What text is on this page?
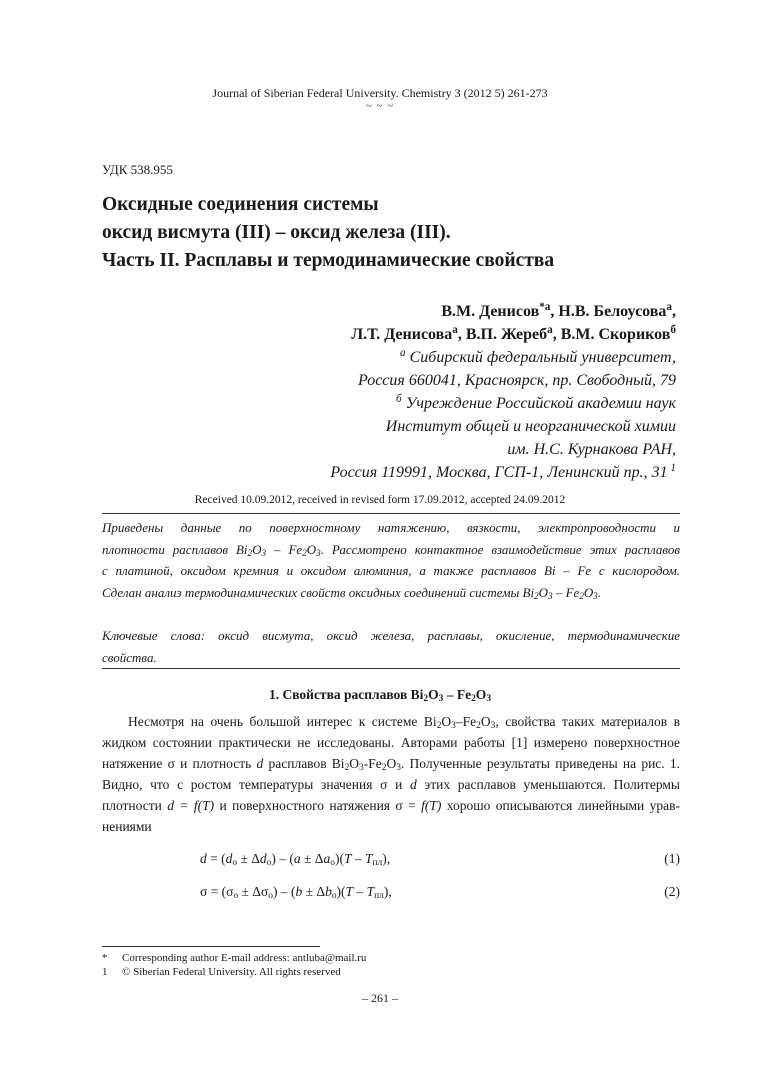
Journal of Siberian Federal University. Chemistry 3 (2012 5) 261-273
~ ~ ~
УДК 538.955
Оксидные соединения системы
оксид висмута (III) – оксид железа (III).
Часть II. Расплавы и термодинамические свойства
В.М. Денисов$^{*а}$, Н.В. Белоусова$^а$,
Л.Т. Денисова$^а$, В.П. Жереб$^а$, В.М. Скориков$^б$
$^а$ Сибирский федеральный университет,
Россия 660041, Красноярск, пр. Свободный, 79
$^б$ Учреждение Российской академии наук
Институт общей и неорганической химии
им. Н.С. Курнакова РАН,
Россия 119991, Москва, ГСП-1, Ленинский пр., 31 $^1$
Received 10.09.2012, received in revised form 17.09.2012, accepted 24.09.2012
Приведены данные по поверхностному натяжению, вязкости, электропроводности и
плотности расплавов $Bi_2O_3 - Fe_2O_3$. Рассмотрено контактное взаимодействие этих расплавов
с платиной, оксидом кремния и оксидом алюминия, а также расплавов Bi – Fe с кислородом.
Сделан анализ термодинамических свойств оксидных соединений системы $Bi_2O_3 - Fe_2O_3$.
Ключевые слова: оксид висмута, оксид железа, расплавы, окисление, термодинамические
свойства.
1. Свойства расплавов $Bi_2O_3 - Fe_2O_3$
Несмотря на очень большой интерес к системе $Bi_2O_3-Fe_2O_3$, свойства таких материалов в
жидком состоянии практически не исследованы. Авторами работы [1] измерено поверхностное
натяжение σ и плотность d расплавов $Bi_2O_3-Fe_2O_3$. Полученные результаты приведены на рис. 1.
Видно, что с ростом температуры значения σ и d этих расплавов уменьшаются. Политермы
плотности d = f(T) и поверхностного натяжения σ = f(T) хорошо описываются линейными урав-
нениями
$d = (d_o \pm \Delta d_o) - (a \pm \Delta a_o)(T - T_{пл})$,	(1)
$\sigma = (\sigma_o \pm \Delta\sigma_o) - (b \pm \Delta b_o)(T - T_{пл})$,	(2)
* Corresponding author E-mail address: antluba@mail.ru
1 © Siberian Federal University. All rights reserved
– 261 –
